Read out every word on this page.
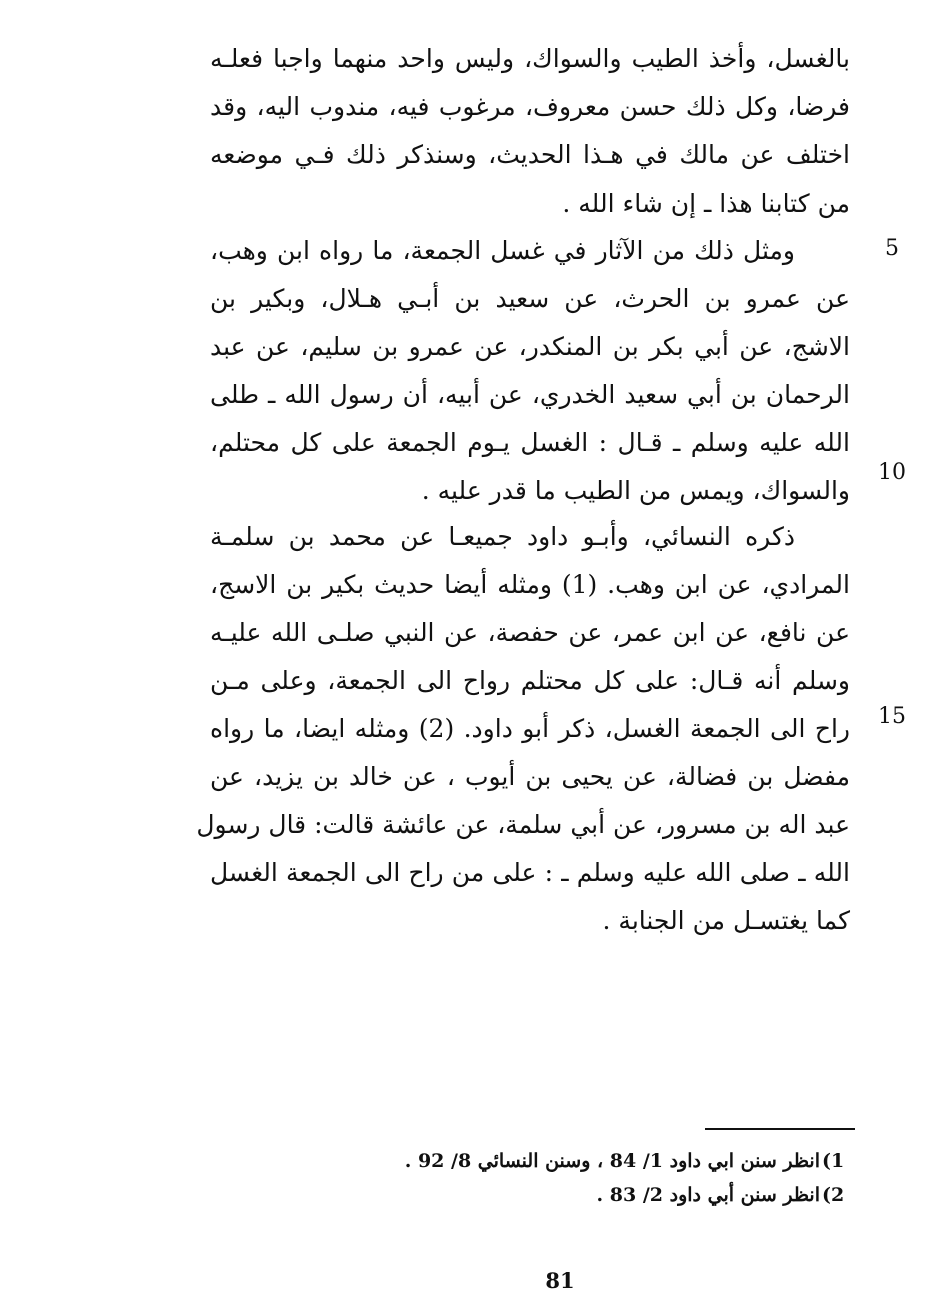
بالغسل، وأخذ الطيب والسواك، وليس واحد منهما واجبا فعلـه
فرضا، وكل ذلك حسن معروف، مرغوب فيه، مندوب اليه، وقد
اختلف عن مالك في هـذا الحديث، وسنذكر ذلك فـي موضعه
من كتابنا هذا ـ إن شاء الله .
ومثل ذلك من الآثار في غسل الجمعة، ما رواه ابن وهب،
عن عمرو بن الحرث، عن سعيد بن أبـي هـلال، وبكير بن
الاشج، عن أبي بكر بن المنكدر، عن عمرو بن سليم، عن عبد
الرحمان بن أبي سعيد الخدري، عن أبيه، أن رسول الله ـ طلى
الله عليه وسلم ـ قـال : الغسل يـوم الجمعة على كل محتلم،
والسواك، ويمس من الطيب ما قدر عليه .
ذكره النسائي، وأبـو داود جميعـا عن محمد بن سلمـة
المرادي، عن ابن وهب. (1) ومثله أيضا حديث بكير بن الاسج،
عن نافع، عن ابن عمر، عن حفصة، عن النبي صلـى الله عليـه
وسلم أنه قـال: على كل محتلم رواح الى الجمعة، وعلى مـن
راح الى الجمعة الغسل، ذكر أبو داود. (2) ومثله ايضا، ما رواه
مفضل بن فضالة، عن يحيى بن أيوب ، عن خالد بن يزيد، عن
عبد اله بن مسرور، عن أبي سلمة، عن عائشة قالت: قال رسول
الله ـ صلى الله عليه وسلم ـ : على من راح الى الجمعة الغسل
كما يغتسـل من الجنابة .
5
10
15
(1
انظر سنن ابي داود 1/ 84 ، وسنن النسائي 8/ 92 .
(2
انظر سنن أبي داود 2/ 83 .
81
